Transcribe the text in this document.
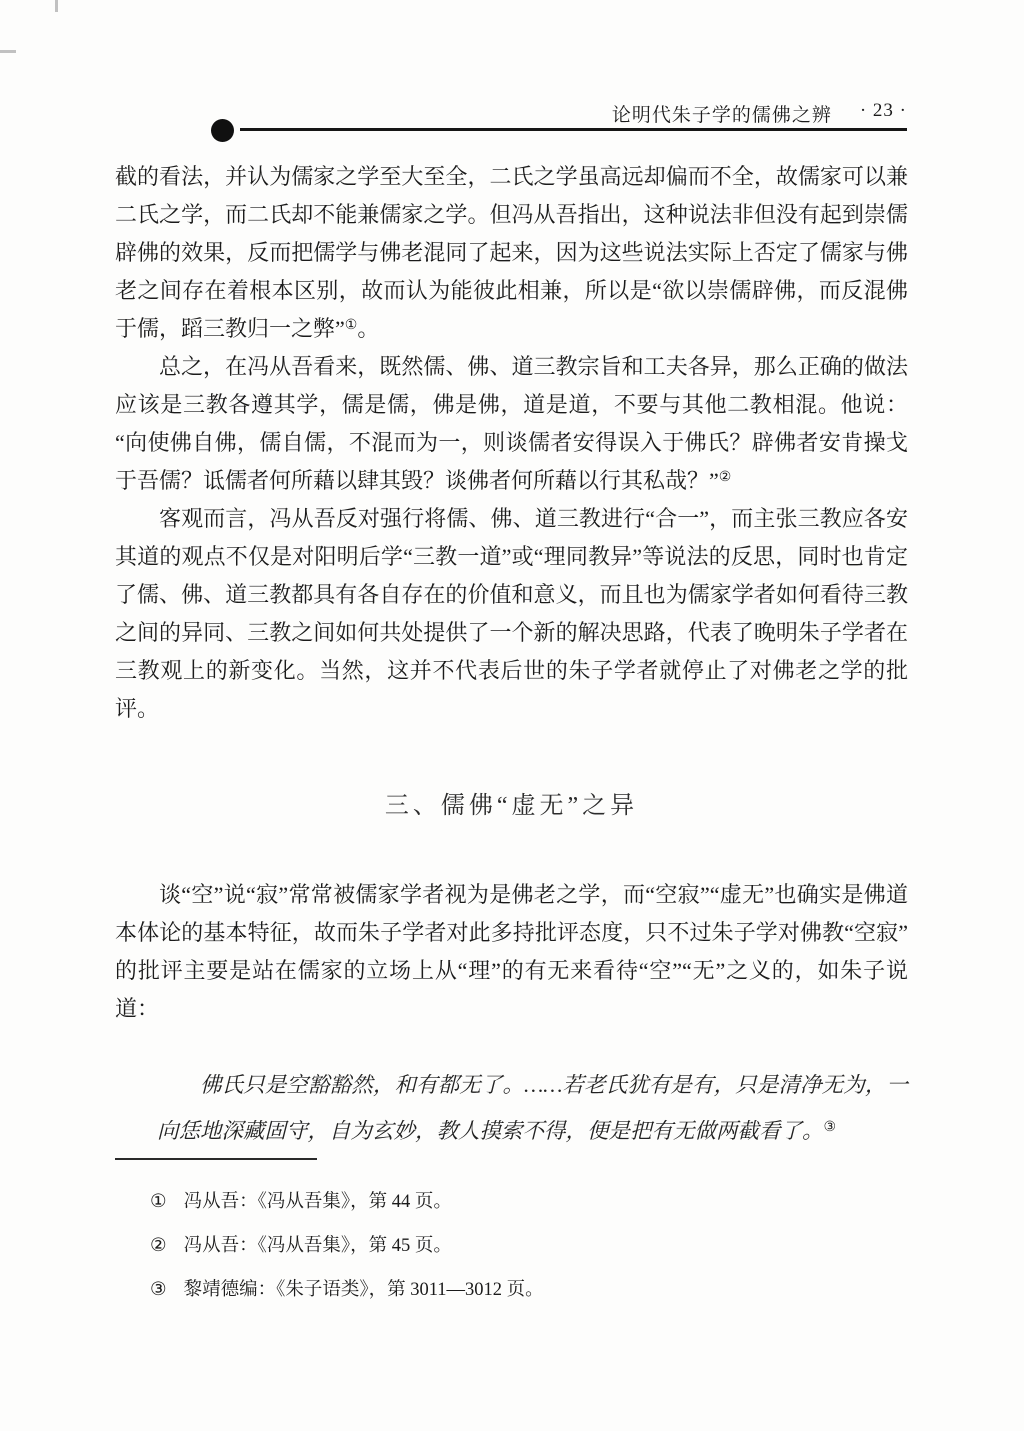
论明代朱子学的儒佛之辨 · 23 ·

截的看法，并认为儒家之学至大至全，二氏之学虽高远却偏而不全，故儒家可以兼二氏之学，而二氏却不能兼儒家之学。但冯从吾指出，这种说法非但没有起到崇儒辟佛的效果，反而把儒学与佛老混同了起来，因为这些说法实际上否定了儒家与佛老之间存在着根本区别，故而认为能彼此相兼，所以是“欲以崇儒辟佛，而反混佛于儒，蹈三教归一之弊”①。

总之，在冯从吾看来，既然儒、佛、道三教宗旨和工夫各异，那么正确的做法应该是三教各遵其学，儒是儒，佛是佛，道是道，不要与其他二教相混。他说：“向使佛自佛，儒自儒，不混而为一，则谈儒者安得误入于佛氏？辟佛者安肯操戈于吾儒？诋儒者何所藉以肆其毁？谈佛者何所藉以行其私哉？”②

客观而言，冯从吾反对强行将儒、佛、道三教进行“合一”，而主张三教应各安其道的观点不仅是对阳明后学“三教一道”或“理同教异”等说法的反思，同时也肯定了儒、佛、道三教都具有各自存在的价值和意义，而且也为儒家学者如何看待三教之间的异同、三教之间如何共处提供了一个新的解决思路，代表了晚明朱子学者在三教观上的新变化。当然，这并不代表后世的朱子学者就停止了对佛老之学的批评。

三、儒佛“虚无”之异

谈“空”说“寂”常常被儒家学者视为是佛老之学，而“空寂”“虚无”也确实是佛道本体论的基本特征，故而朱子学者对此多持批评态度，只不过朱子学对佛教“空寂”的批评主要是站在儒家的立场上从“理”的有无来看待“空”“无”之义的，如朱子说道：

佛氏只是空豁豁然，和有都无了。……若老氏犹有是有，只是清净无为，一向恁地深藏固守，自为玄妙，教人摸索不得，便是把有无做两截看了。③
① 冯从吾：《冯从吾集》，第 44 页。
② 冯从吾：《冯从吾集》，第 45 页。
③ 黎靖德编：《朱子语类》，第 3011—3012 页。
